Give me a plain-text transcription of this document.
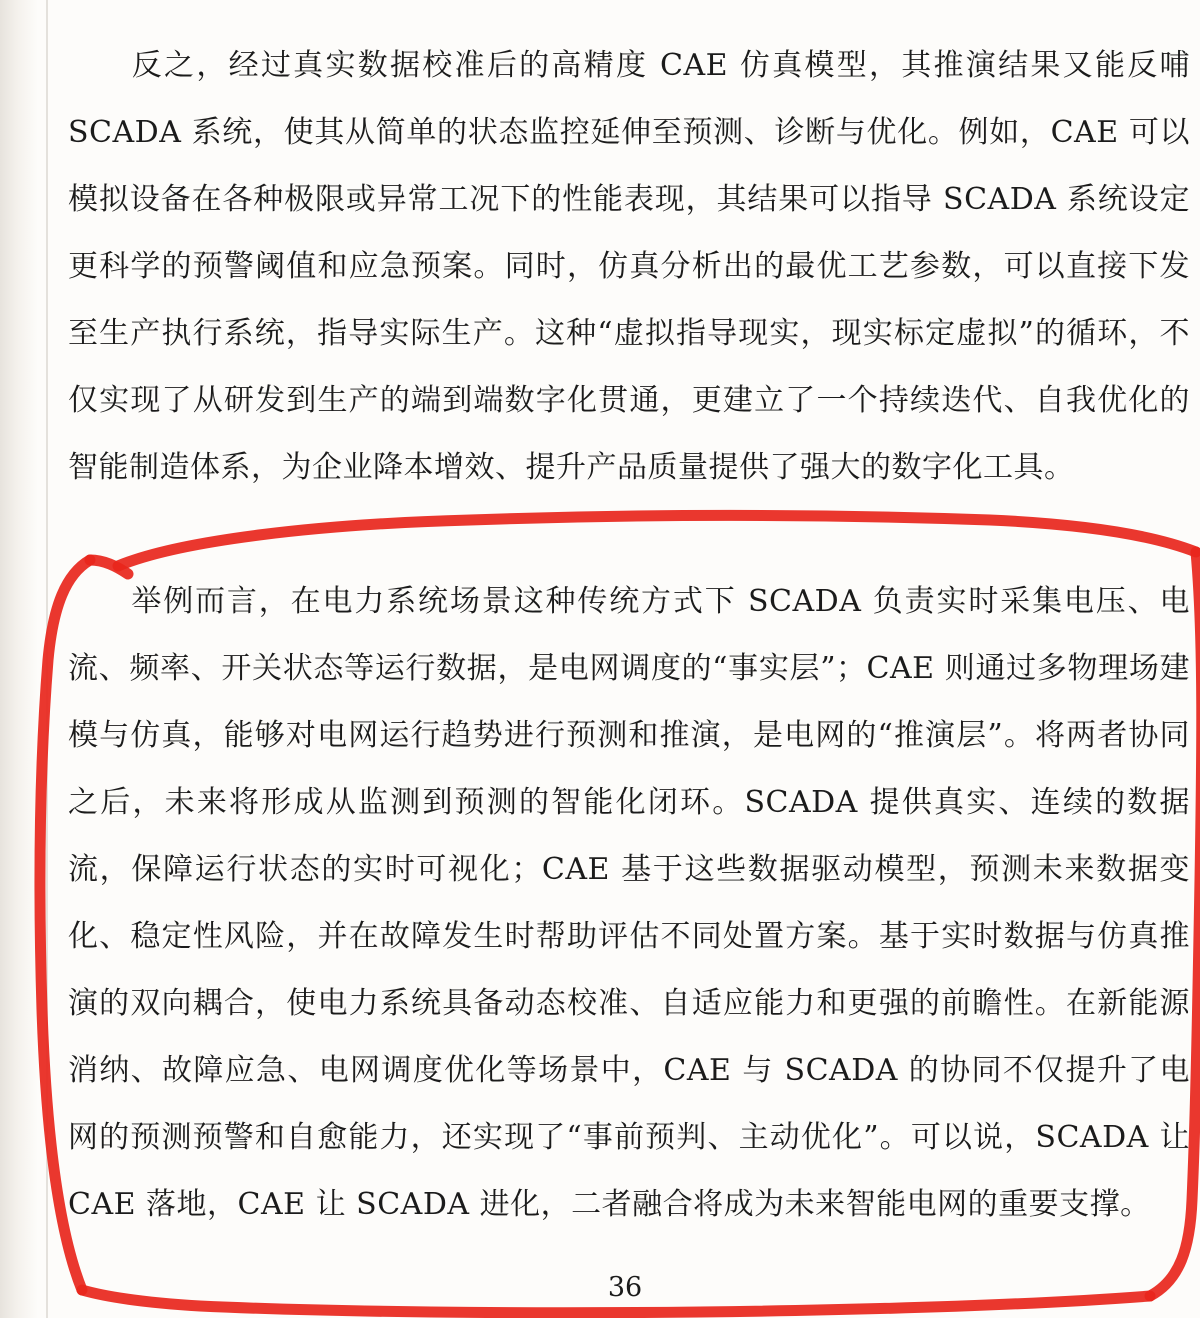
反之，经过真实数据校准后的高精度 CAE 仿真模型，其推演结果又能反哺 SCADA 系统，使其从简单的状态监控延伸至预测、诊断与优化。例如，CAE 可以模拟设备在各种极限或异常工况下的性能表现，其结果可以指导 SCADA 系统设定更科学的预警阈值和应急预案。同时，仿真分析出的最优工艺参数，可以直接下发至生产执行系统，指导实际生产。这种“虚拟指导现实，现实标定虚拟”的循环，不仅实现了从研发到生产的端到端数字化贯通，更建立了一个持续迭代、自我优化的智能制造体系，为企业降本增效、提升产品质量提供了强大的数字化工具。

举例而言，在电力系统场景这种传统方式下 SCADA 负责实时采集电压、电流、频率、开关状态等运行数据，是电网调度的“事实层”；CAE 则通过多物理场建模与仿真，能够对电网运行趋势进行预测和推演，是电网的“推演层”。将两者协同之后，未来将形成从监测到预测的智能化闭环。SCADA 提供真实、连续的数据流，保障运行状态的实时可视化；CAE 基于这些数据驱动模型，预测未来数据变化、稳定性风险，并在故障发生时帮助评估不同处置方案。基于实时数据与仿真推演的双向耦合，使电力系统具备动态校准、自适应能力和更强的前瞻性。在新能源消纳、故障应急、电网调度优化等场景中，CAE 与 SCADA 的协同不仅提升了电网的预测预警和自愈能力，还实现了“事前预判、主动优化”。可以说，SCADA 让 CAE 落地，CAE 让 SCADA 进化，二者融合将成为未来智能电网的重要支撑。

36
